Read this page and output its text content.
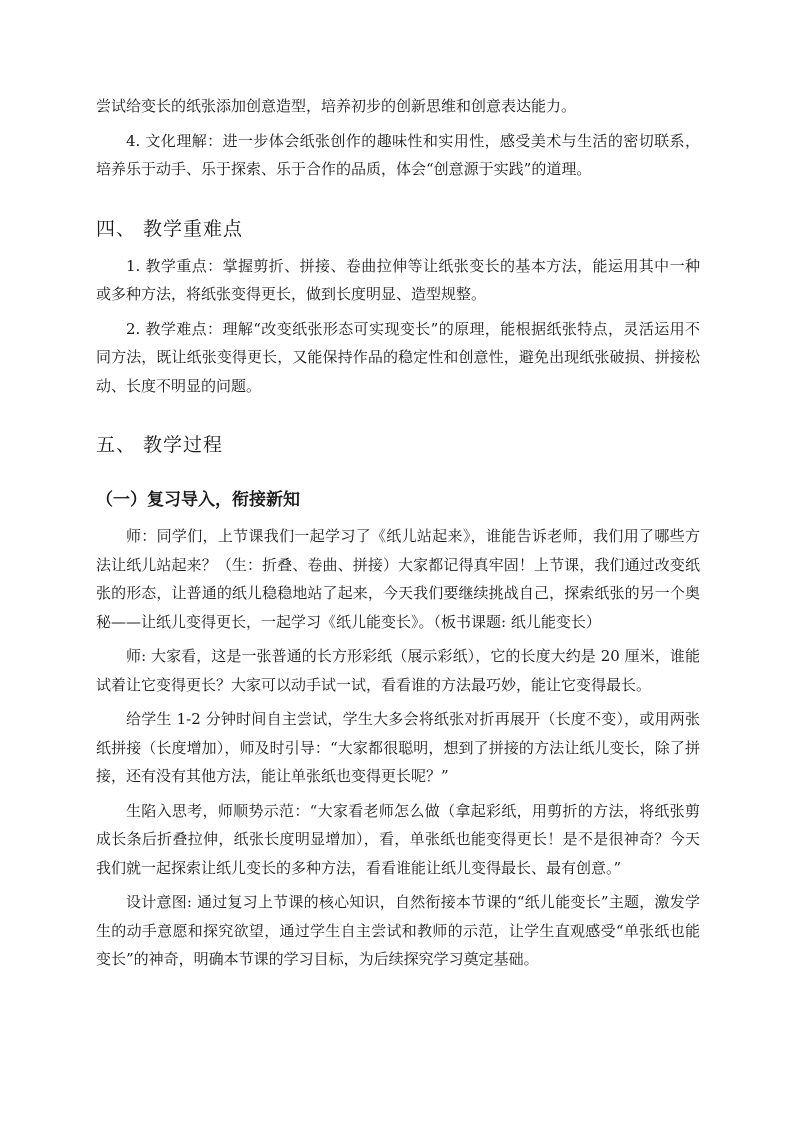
尝试给变长的纸张添加创意造型，培养初步的创新思维和创意表达能力。

4. 文化理解：进一步体会纸张创作的趣味性和实用性，感受美术与生活的密切联系，培养乐于动手、乐于探索、乐于合作的品质，体会“创意源于实践”的道理。

四、 教学重难点

1. 教学重点：掌握剪折、拼接、卷曲拉伸等让纸张变长的基本方法，能运用其中一种或多种方法，将纸张变得更长，做到长度明显、造型规整。

2. 教学难点：理解“改变纸张形态可实现变长”的原理，能根据纸张特点，灵活运用不同方法，既让纸张变得更长，又能保持作品的稳定性和创意性，避免出现纸张破损、拼接松动、长度不明显的问题。

五、 教学过程
（一）复习导入，衔接新知

师：同学们，上节课我们一起学习了《纸儿站起来》，谁能告诉老师，我们用了哪些方法让纸儿站起来？（生：折叠、卷曲、拼接）大家都记得真牢固！上节课，我们通过改变纸张的形态，让普通的纸儿稳稳地站了起来，今天我们要继续挑战自己，探索纸张的另一个奥秘——让纸儿变得更长，一起学习《纸儿能变长》。（板书课题: 纸儿能变长）

师: 大家看，这是一张普通的长方形彩纸（展示彩纸），它的长度大约是 20 厘米，谁能试着让它变得更长？大家可以动手试一试，看看谁的方法最巧妙，能让它变得最长。

给学生 1-2 分钟时间自主尝试，学生大多会将纸张对折再展开（长度不变），或用两张纸拼接（长度增加），师及时引导：“大家都很聪明，想到了拼接的方法让纸儿变长，除了拼接，还有没有其他方法，能让单张纸也变得更长呢？”

生陷入思考，师顺势示范：“大家看老师怎么做（拿起彩纸，用剪折的方法，将纸张剪成长条后折叠拉伸，纸张长度明显增加），看，单张纸也能变得更长！是不是很神奇？今天我们就一起探索让纸儿变长的多种方法，看看谁能让纸儿变得最长、最有创意。”

设计意图: 通过复习上节课的核心知识，自然衔接本节课的“纸儿能变长”主题，激发学生的动手意愿和探究欲望，通过学生自主尝试和教师的示范，让学生直观感受“单张纸也能变长”的神奇，明确本节课的学习目标，为后续探究学习奠定基础。
